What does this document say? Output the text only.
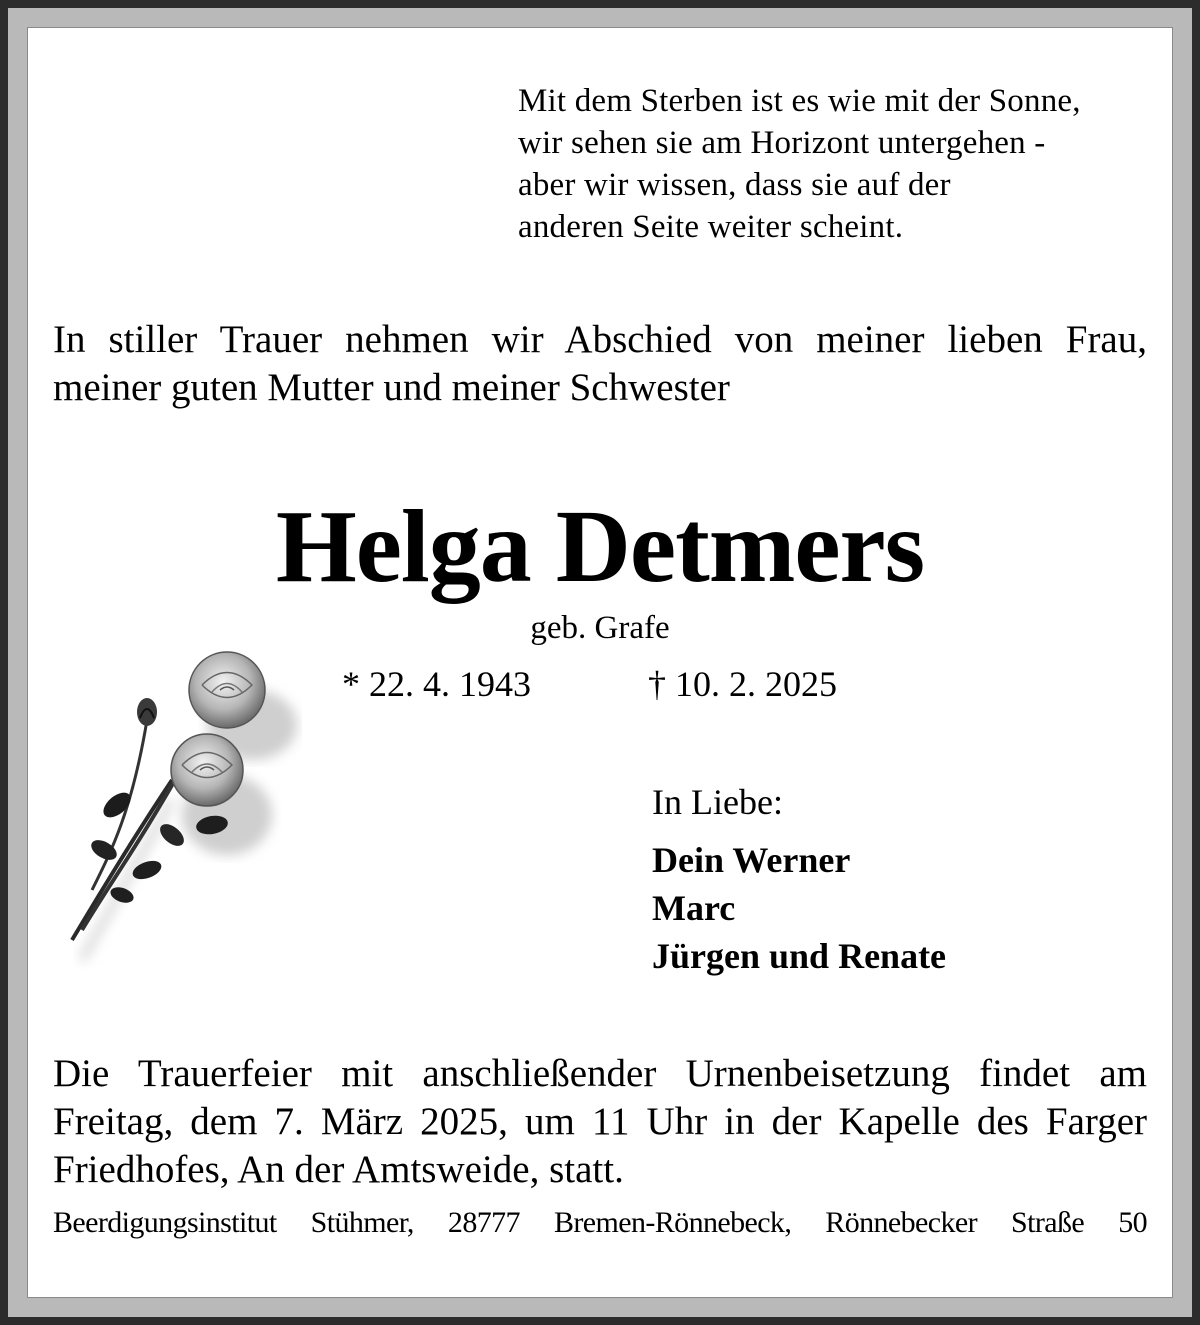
Mit dem Sterben ist es wie mit der Sonne,
wir sehen sie am Horizont untergehen -
aber wir wissen, dass sie auf der
anderen Seite weiter scheint.
In stiller Trauer nehmen wir Abschied von meiner lieben Frau,
meiner guten Mutter und meiner Schwester
Helga Detmers
geb. Grafe
* 22. 4. 1943	† 10. 2. 2025
In Liebe:
Dein Werner
Marc
Jürgen und Renate
Die Trauerfeier mit anschließender Urnenbeisetzung findet am
Freitag, dem 7. März 2025, um 11 Uhr in der Kapelle des Farger
Friedhofes, An der Amtsweide, statt.
Beerdigungsinstitut Stühmer, 28777 Bremen-Rönnebeck, Rönnebecker Straße 50
